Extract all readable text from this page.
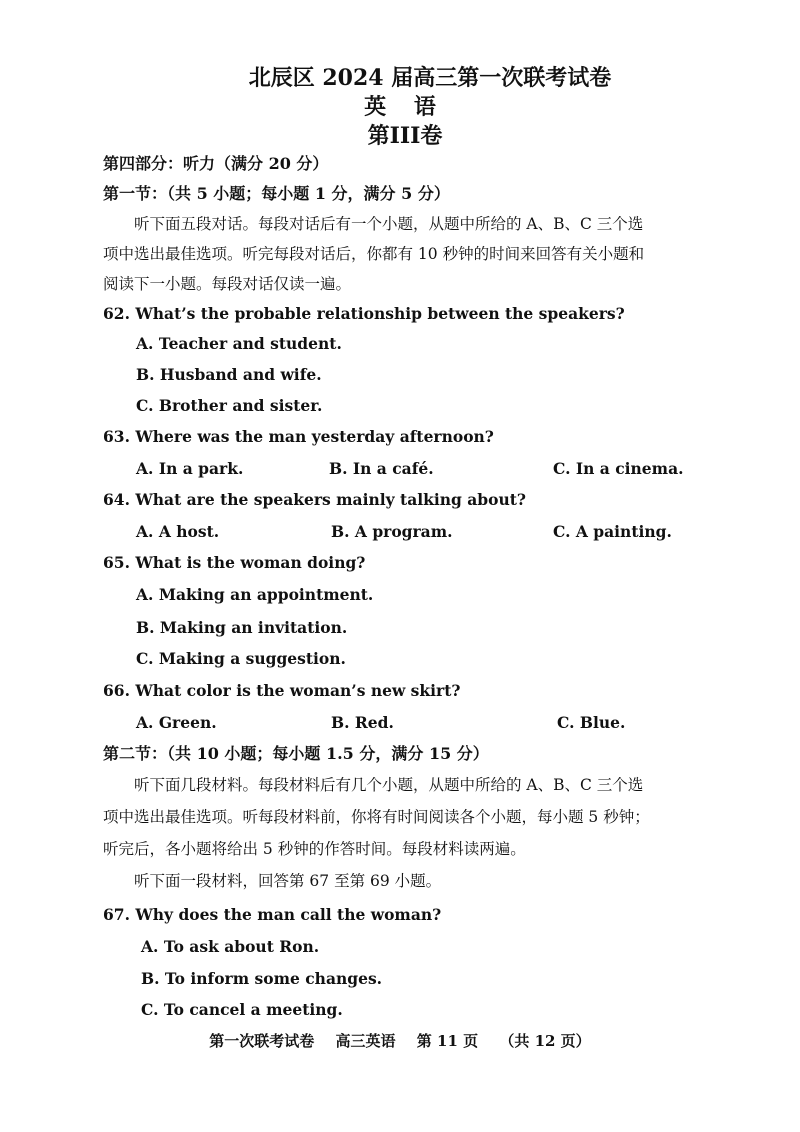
北辰区 2024 届高三第一次联考试卷
英 语
第III卷
第四部分：听力（满分 20 分）
第一节：（共 5 小题；每小题 1 分，满分 5 分）
听下面五段对话。每段对话后有一个小题，从题中所给的 A、B、C 三个选
项中选出最佳选项。听完每段对话后，你都有 10 秒钟的时间来回答有关小题和
阅读下一小题。每段对话仅读一遍。
62. What’s the probable relationship between the speakers?
A. Teacher and student.
B. Husband and wife.
C. Brother and sister.
63. Where was the man yesterday afternoon?
A. In a park.	B. In a café.	C. In a cinema.
64. What are the speakers mainly talking about?
A. A host.	B. A program.	C. A painting.
65. What is the woman doing?
A. Making an appointment.
B. Making an invitation.
C. Making a suggestion.
66. What color is the woman’s new skirt?
A. Green.	B. Red.	C. Blue.
第二节：（共 10 小题；每小题 1.5 分，满分 15 分）
听下面几段材料。每段材料后有几个小题，从题中所给的 A、B、C 三个选
项中选出最佳选项。听每段材料前，你将有时间阅读各个小题，每小题 5 秒钟；
听完后，各小题将给出 5 秒钟的作答时间。每段材料读两遍。
听下面一段材料，回答第 67 至第 69 小题。
67. Why does the man call the woman?
A. To ask about Ron.
B. To inform some changes.
C. To cancel a meeting.
第一次联考试卷 高三英语 第 11 页 （共 12 页）
